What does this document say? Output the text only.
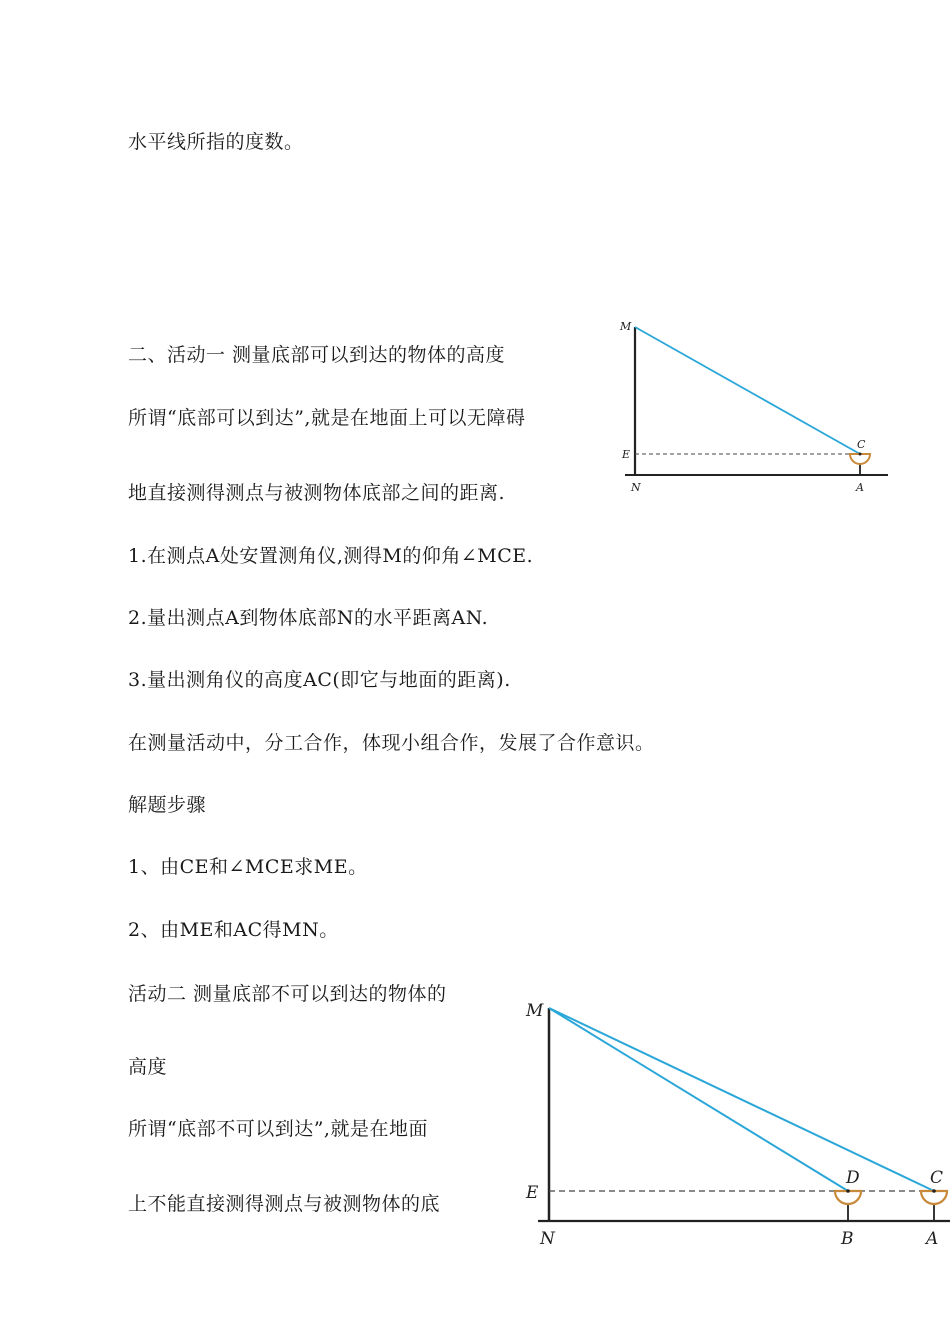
水平线所指的度数。
二、活动一 测量底部可以到达的物体的高度
所谓“底部可以到达”,就是在地面上可以无障碍
地直接测得测点与被测物体底部之间的距离.
1.在测点A处安置测角仪,测得M的仰角∠MCE.
2.量出测点A到物体底部N的水平距离AN.
3.量出测角仪的高度AC(即它与地面的距离).
在测量活动中，分工合作，体现小组合作，发展了合作意识。
解题步骤
1、由CE和∠MCE求ME。
2、由ME和AC得MN。
活动二 测量底部不可以到达的物体的
高度
所谓“底部不可以到达”,就是在地面
上不能直接测得测点与被测物体的底
M
C
E
N	A
M
D	C
E
N	B	A
